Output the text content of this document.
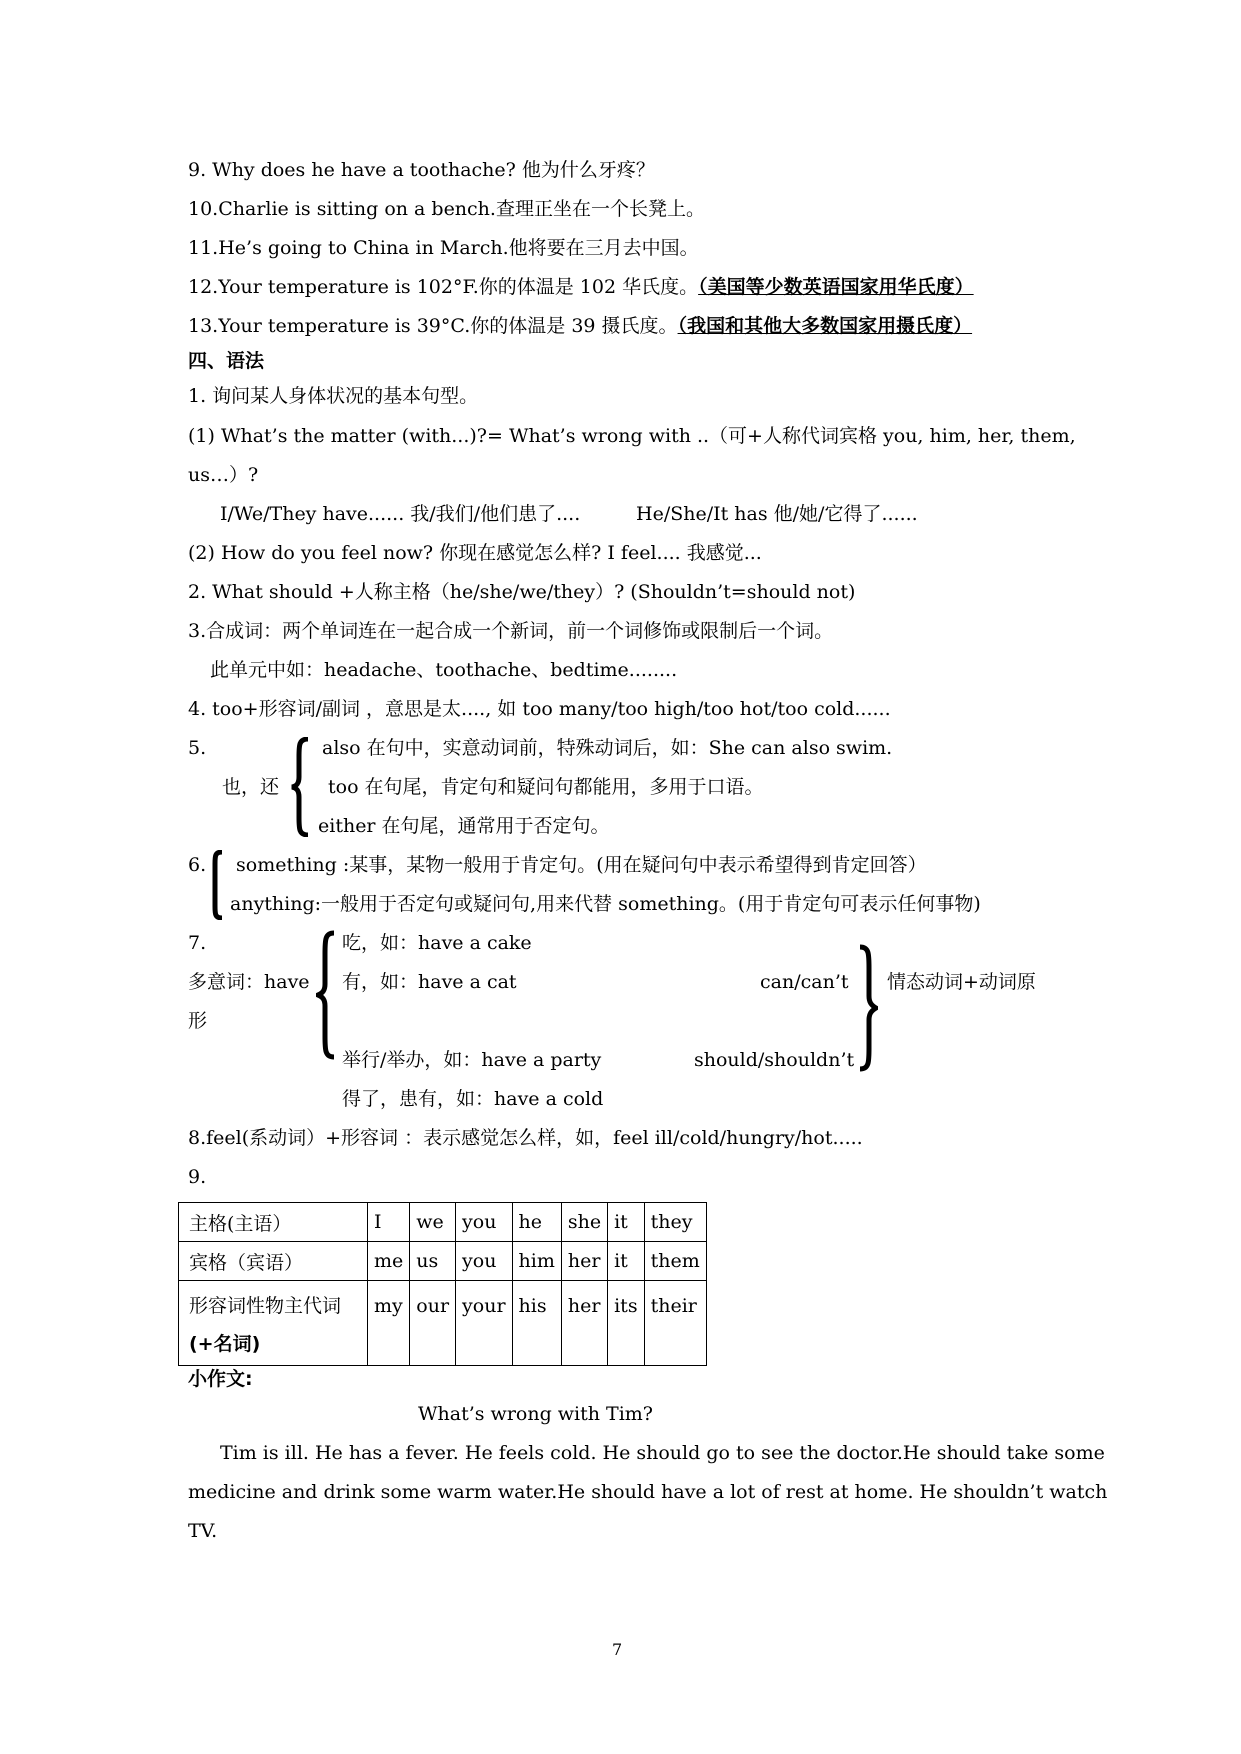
9. Why does he have a toothache? 他为什么牙疼？
10.Charlie is sitting on a bench.查理正坐在一个长凳上。
11.He’s going to China in March.他将要在三月去中国。
12.Your temperature is 102°F.你的体温是 102 华氏度。（美国等少数英语国家用华氏度）
13.Your temperature is 39°C.你的体温是 39 摄氏度。（我国和其他大多数国家用摄氏度）
四、语法
1. 询问某人身体状况的基本句型。
(1) What’s the matter (with...)?= What’s wrong with ..（可+人称代词宾格 you, him, her, them,
us…）?
I/We/They have...... 我/我们/他们患了....	He/She/It has 他/她/它得了......
(2) How do you feel now? 你现在感觉怎么样? I feel.... 我感觉...
2. What should +人称主格（he/she/we/they）? (Shouldn’t=should not)
3.合成词：两个单词连在一起合成一个新词，前一个词修饰或限制后一个词。
此单元中如：headache、toothache、bedtime........
4. too+形容词/副词 ，意思是太...., 如 too many/too high/too hot/too cold......
5.
也，还
also 在句中，实意动词前，特殊动词后，如：She can also swim.
too 在句尾，肯定句和疑问句都能用，多用于口语。
either 在句尾，通常用于否定句。
6. something :某事，某物一般用于肯定句。(用在疑问句中表示希望得到肯定回答）
anything:一般用于否定句或疑问句,用来代替 something。(用于肯定句可表示任何事物)
7.
多意词：have
形
吃，如：have a cake
有，如：have a cat
举行/举办，如：have a party
得了，患有，如：have a cold
can/can’t
should/shouldn’t
情态动词+动词原
8.feel(系动词）+形容词 ：表示感觉怎么样，如，feel ill/cold/hungry/hot.....
9.
主格(主语）	I	we	you	he	she	it	they
宾格（宾语）	me	us	you	him	her	it	them

形容词性物主代词
(+名词)	my	our	your	his	her	its	their
小作文:
What’s wrong with Tim?
Tim is ill. He has a fever. He feels cold. He should go to see the doctor.He should take some
medicine and drink some warm water.He should have a lot of rest at home. He shouldn’t watch
TV.
7
